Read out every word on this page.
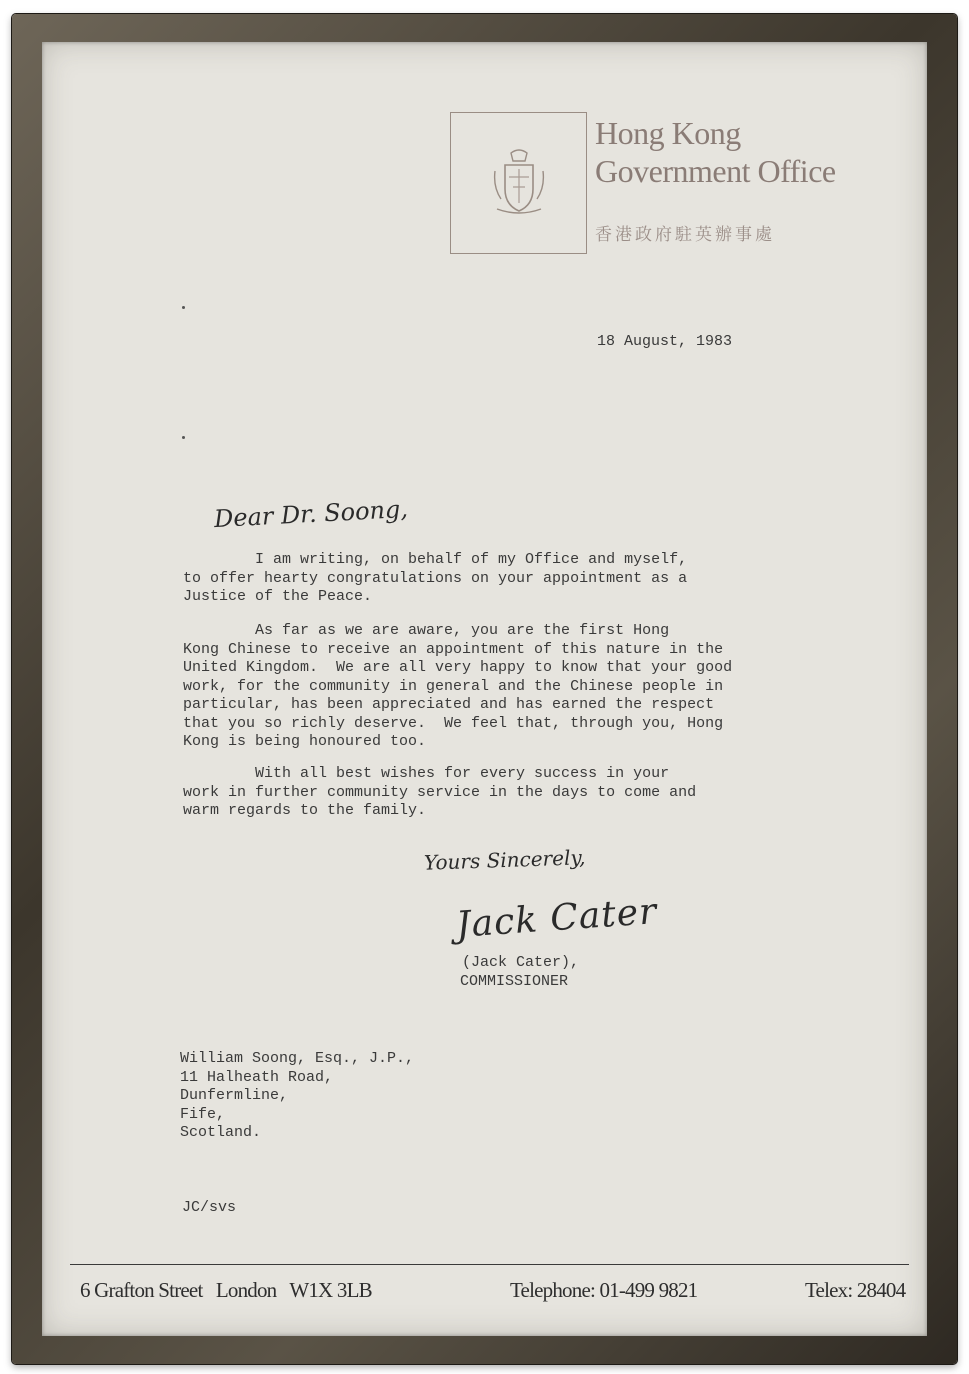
Hong Kong
Government Office
香港政府駐英辦事處
18 August, 1983
Dear Dr. Soong,
I am writing, on behalf of my Office and myself,
to offer hearty congratulations on your appointment as a
Justice of the Peace.
As far as we are aware, you are the first Hong
Kong Chinese to receive an appointment of this nature in the
United Kingdom.  We are all very happy to know that your good
work, for the community in general and the Chinese people in
particular, has been appreciated and has earned the respect
that you so richly deserve.  We feel that, through you, Hong
Kong is being honoured too.
With all best wishes for every success in your
work in further community service in the days to come and
warm regards to the family.
Yours Sincerely,
Jack Cater
(Jack Cater),
COMMISSIONER
William Soong, Esq., J.P.,
11 Halheath Road,
Dunfermline,
Fife,
Scotland.
JC/svs
6 Grafton Street   London   W1X 3LB	Telephone: 01-499 9821	Telex: 28404
